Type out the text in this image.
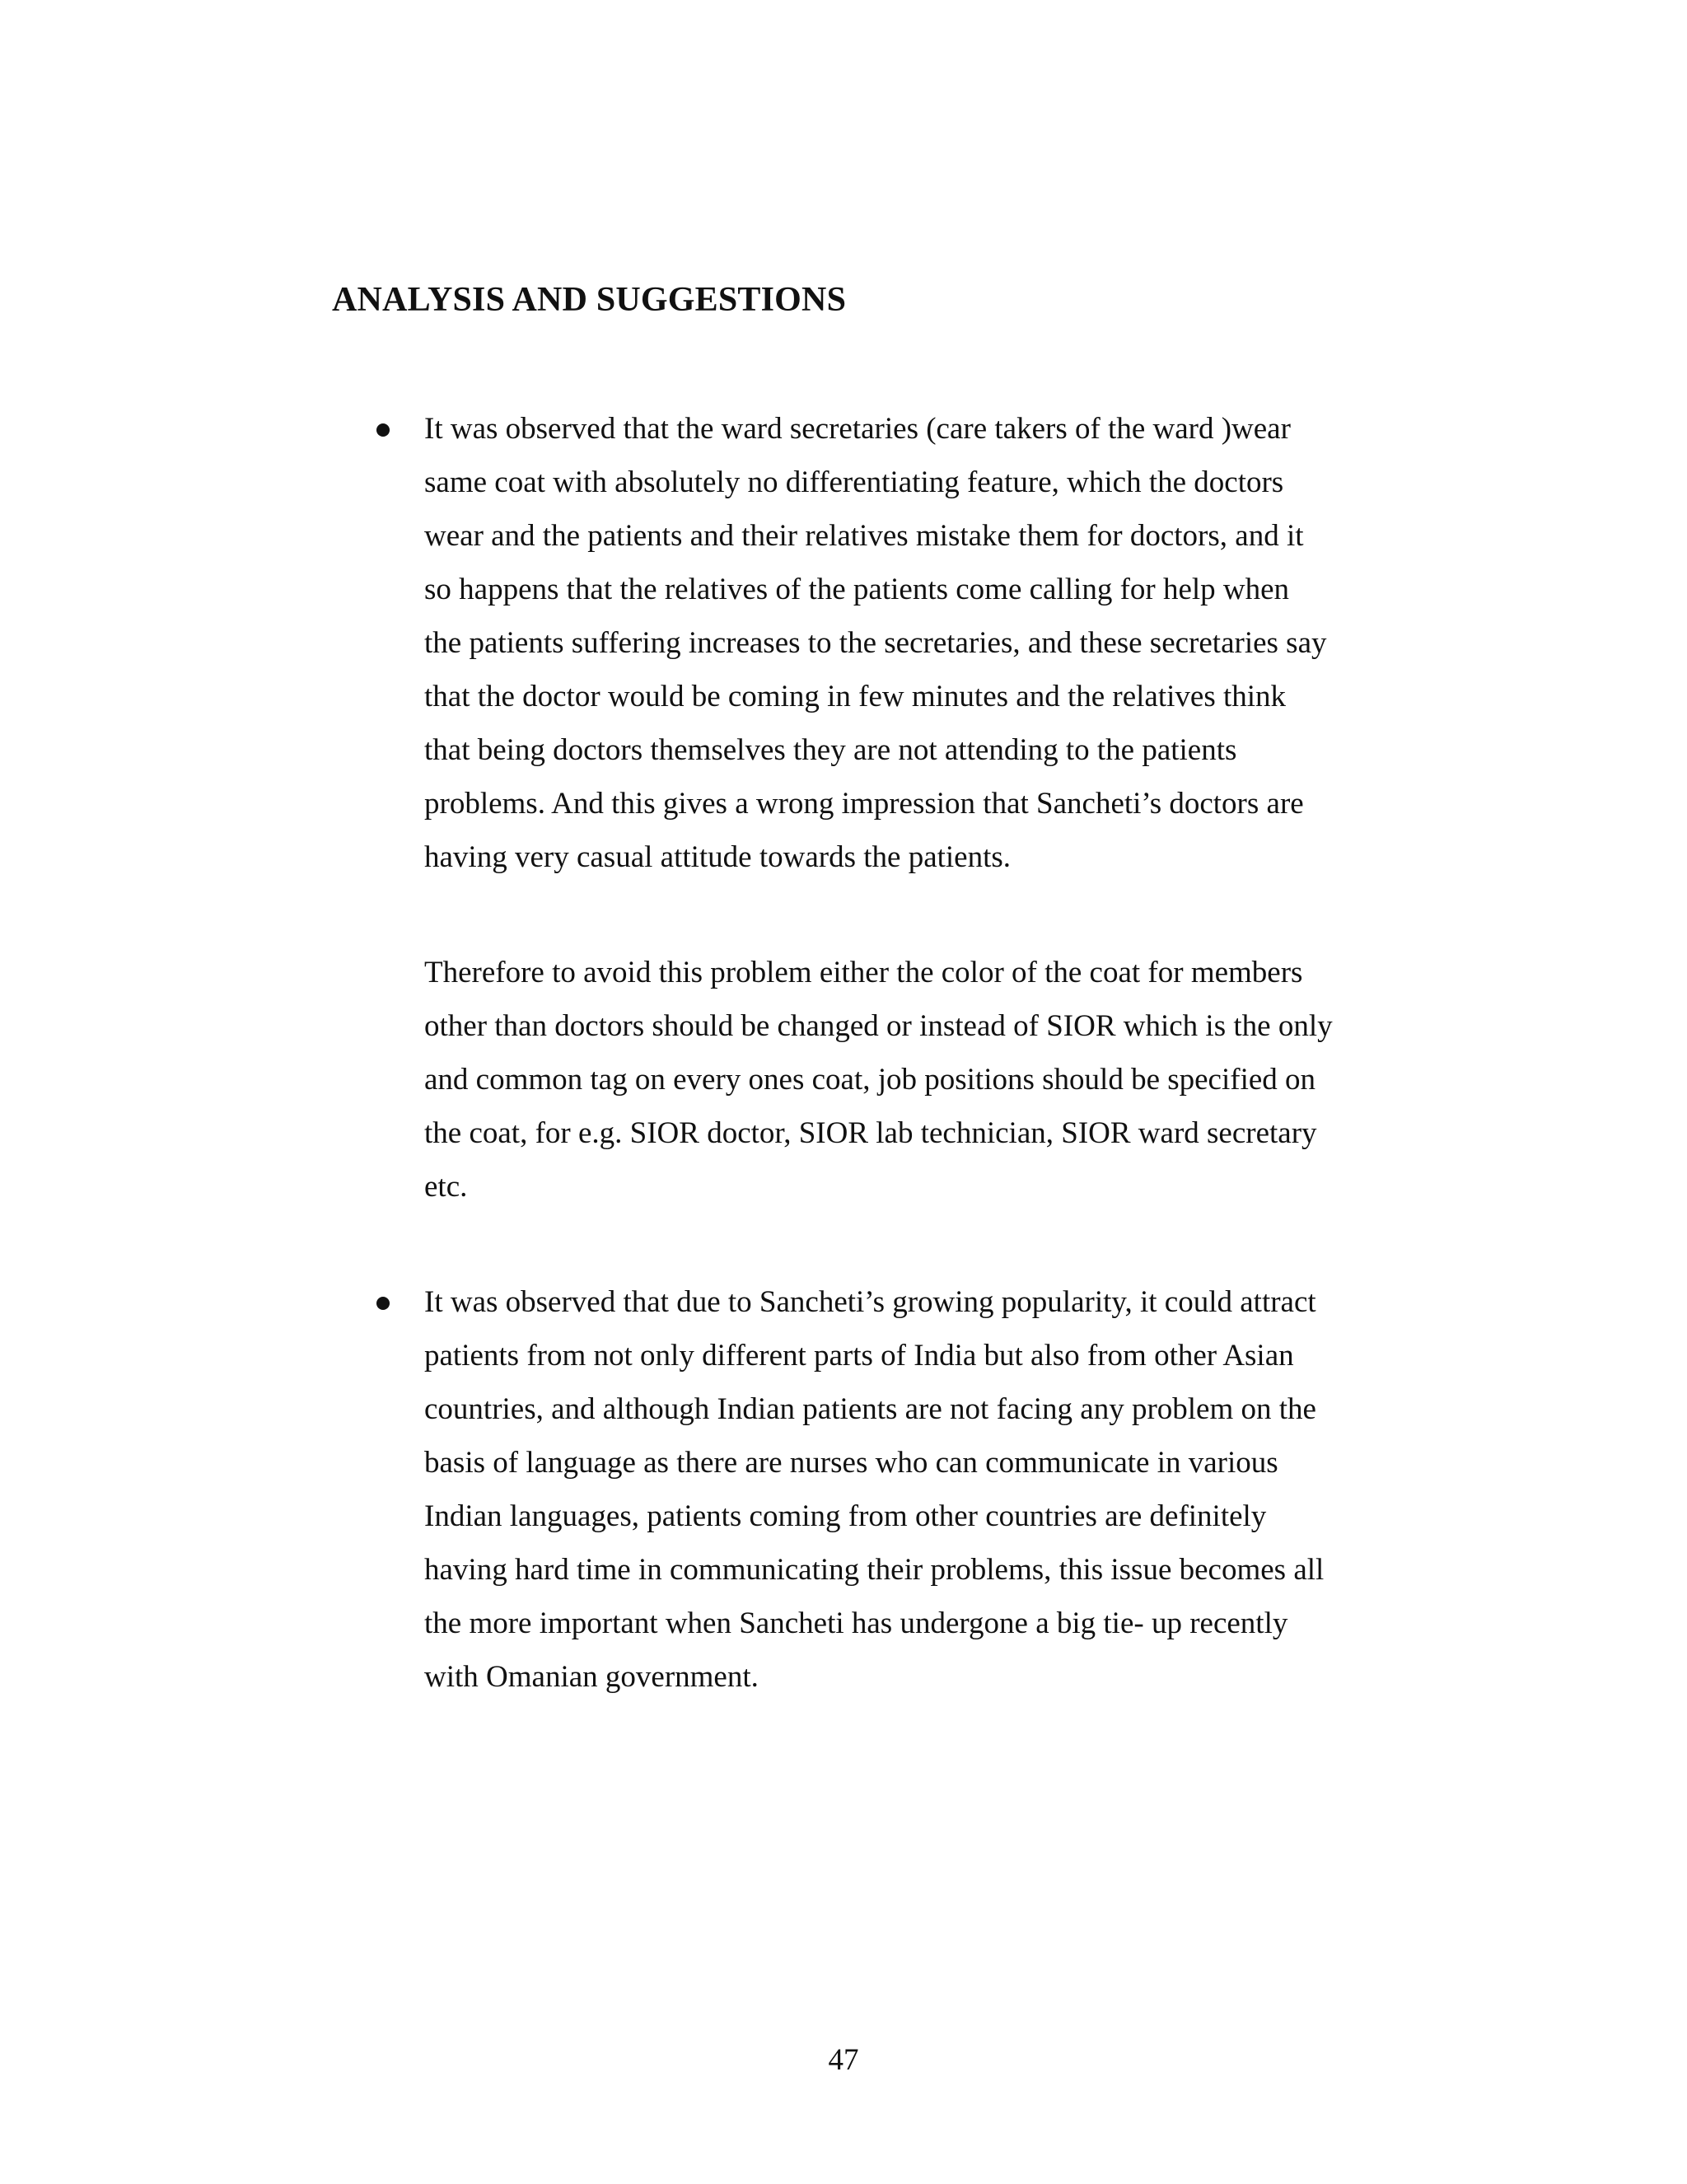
ANALYSIS AND SUGGESTIONS

It was observed that the ward secretaries (care takers of the ward )wear
same coat with absolutely no differentiating feature, which the doctors
wear and the patients and their relatives mistake them for doctors, and it
so happens that the relatives of the patients come calling for help when
the patients suffering increases to the secretaries, and these secretaries say
that the doctor would be coming in few minutes and the relatives think
that being doctors themselves they are not attending to the patients
problems. And this gives a wrong impression that Sancheti’s doctors are
having very casual attitude towards the patients.

Therefore to avoid this problem either the color of the coat for members
other than doctors should be changed or instead of SIOR which is the only
and common tag on every ones coat, job positions should be specified on
the coat, for e.g. SIOR doctor, SIOR lab technician, SIOR ward secretary
etc.

It was observed that due to Sancheti’s growing popularity, it could attract
patients from not only different parts of India but also from other Asian
countries, and although Indian patients are not facing any problem on the
basis of language as there are nurses who can communicate in various
Indian languages, patients coming from other countries are definitely
having hard time in communicating their problems, this issue becomes all
the more important when Sancheti has undergone a big tie- up recently
with Omanian government.

47
